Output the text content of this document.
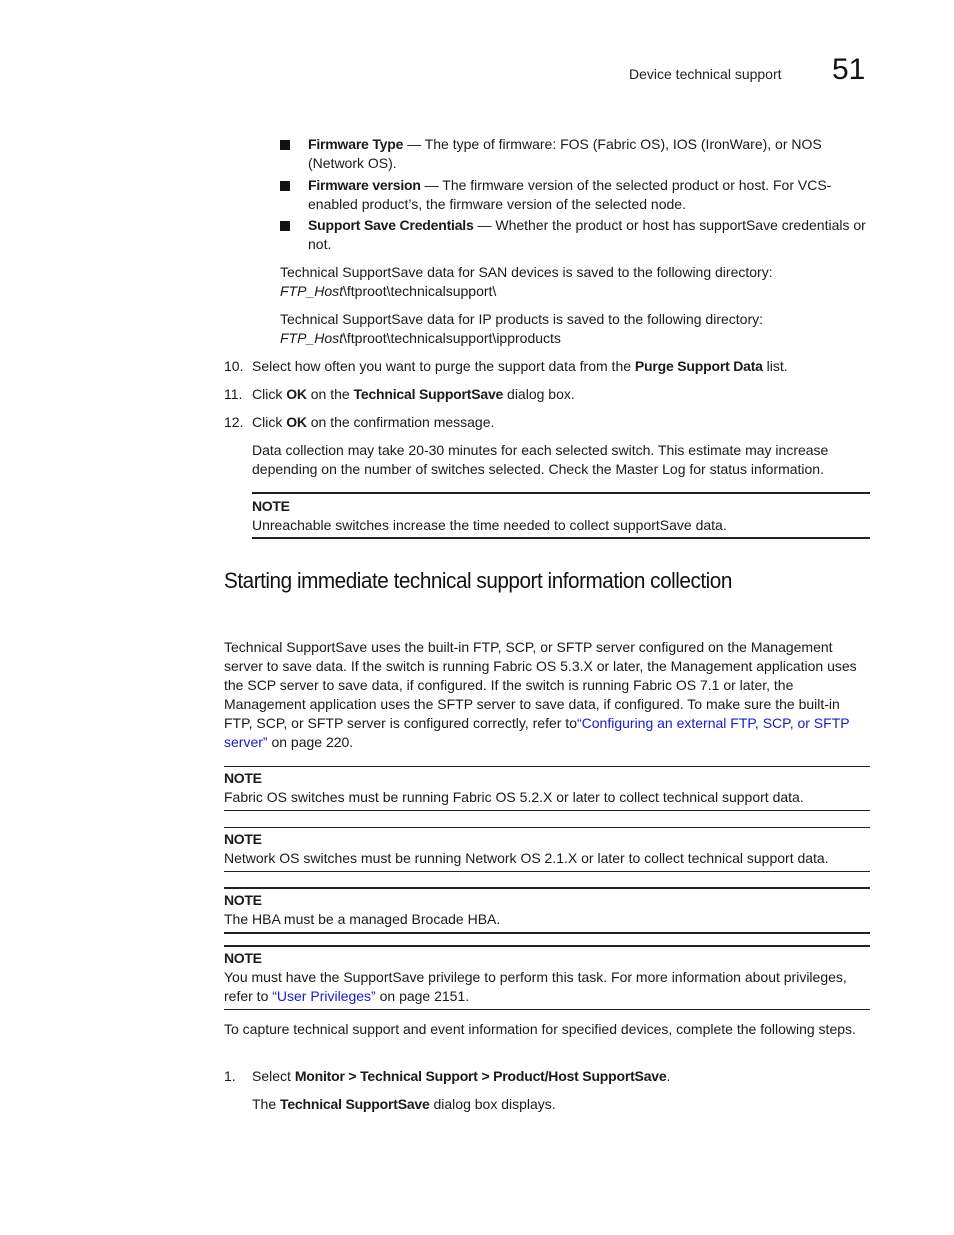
Device technical support 51
Firmware Type — The type of firmware: FOS (Fabric OS), IOS (IronWare), or NOS (Network OS).
Firmware version — The firmware version of the selected product or host. For VCS-enabled product’s, the firmware version of the selected node.
Support Save Credentials — Whether the product or host has supportSave credentials or not.
Technical SupportSave data for SAN devices is saved to the following directory:
FTP_Host\ftproot\technicalsupport\
Technical SupportSave data for IP products is saved to the following directory:
FTP_Host\ftproot\technicalsupport\ipproducts
10. Select how often you want to purge the support data from the Purge Support Data list.
11. Click OK on the Technical SupportSave dialog box.
12. Click OK on the confirmation message.
Data collection may take 20-30 minutes for each selected switch. This estimate may increase depending on the number of switches selected. Check the Master Log for status information.
NOTE
Unreachable switches increase the time needed to collect supportSave data.
Starting immediate technical support information collection
Technical SupportSave uses the built-in FTP, SCP, or SFTP server configured on the Management server to save data. If the switch is running Fabric OS 5.3.X or later, the Management application uses the SCP server to save data, if configured. If the switch is running Fabric OS 7.1 or later, the Management application uses the SFTP server to save data, if configured. To make sure the built-in FTP, SCP, or SFTP server is configured correctly, refer to“Configuring an external FTP, SCP, or SFTP server” on page 220.
NOTE
Fabric OS switches must be running Fabric OS 5.2.X or later to collect technical support data.
NOTE
Network OS switches must be running Network OS 2.1.X or later to collect technical support data.
NOTE
The HBA must be a managed Brocade HBA.
NOTE
You must have the SupportSave privilege to perform this task. For more information about privileges, refer to “User Privileges” on page 2151.
To capture technical support and event information for specified devices, complete the following steps.
1.	Select Monitor > Technical Support > Product/Host SupportSave.
The Technical SupportSave dialog box displays.
